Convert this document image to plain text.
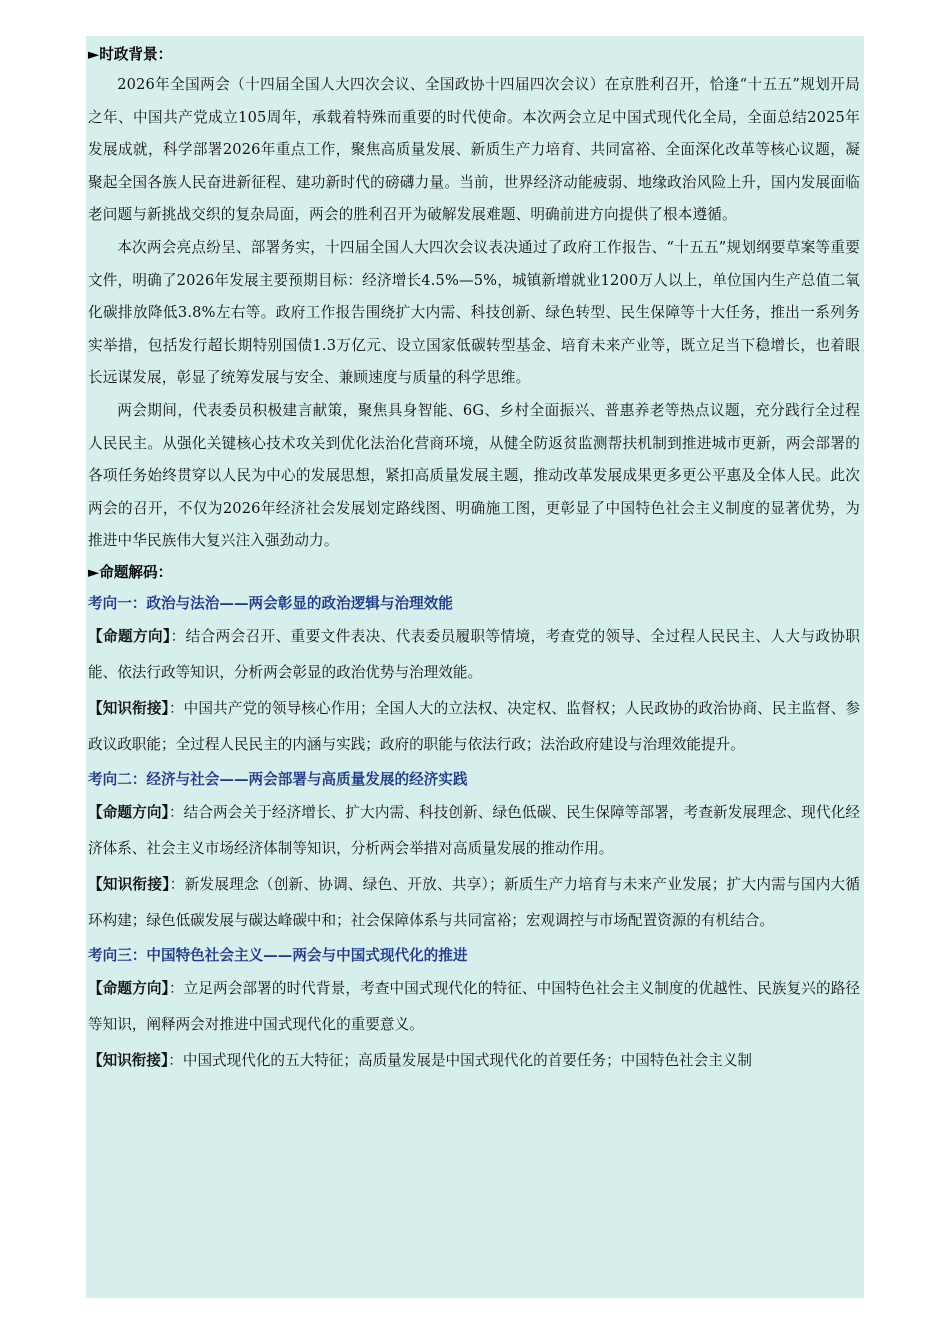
►时政背景：

2026年全国两会（十四届全国人大四次会议、全国政协十四届四次会议）在京胜利召开，恰逢“十五五”规划开局之年、中国共产党成立105周年，承载着特殊而重要的时代使命。本次两会立足中国式现代化全局，全面总结2025年发展成就，科学部署2026年重点工作，聚焦高质量发展、新质生产力培育、共同富裕、全面深化改革等核心议题，凝聚起全国各族人民奋进新征程、建功新时代的磅礴力量。当前，世界经济动能疲弱、地缘政治风险上升，国内发展面临老问题与新挑战交织的复杂局面，两会的胜利召开为破解发展难题、明确前进方向提供了根本遵循。

本次两会亮点纷呈、部署务实，十四届全国人大四次会议表决通过了政府工作报告、“十五五”规划纲要草案等重要文件，明确了2026年发展主要预期目标：经济增长4.5%—5%，城镇新增就业1200万人以上，单位国内生产总值二氧化碳排放降低3.8%左右等。政府工作报告围绕扩大内需、科技创新、绿色转型、民生保障等十大任务，推出一系列务实举措，包括发行超长期特别国债1.3万亿元、设立国家低碳转型基金、培育未来产业等，既立足当下稳增长，也着眼长远谋发展，彰显了统筹发展与安全、兼顾速度与质量的科学思维。

两会期间，代表委员积极建言献策，聚焦具身智能、6G、乡村全面振兴、普惠养老等热点议题，充分践行全过程人民民主。从强化关键核心技术攻关到优化法治化营商环境，从健全防返贫监测帮扶机制到推进城市更新，两会部署的各项任务始终贯穿以人民为中心的发展思想，紧扣高质量发展主题，推动改革发展成果更多更公平惠及全体人民。此次两会的召开，不仅为2026年经济社会发展划定路线图、明确施工图，更彰显了中国特色社会主义制度的显著优势，为推进中华民族伟大复兴注入强劲动力。

►命题解码：

考向一：政治与法治——两会彰显的政治逻辑与治理效能

【命题方向】：结合两会召开、重要文件表决、代表委员履职等情境，考查党的领导、全过程人民民主、人大与政协职能、依法行政等知识，分析两会彰显的政治优势与治理效能。

【知识衔接】：中国共产党的领导核心作用；全国人大的立法权、决定权、监督权；人民政协的政治协商、民主监督、参政议政职能；全过程人民民主的内涵与实践；政府的职能与依法行政；法治政府建设与治理效能提升。

考向二：经济与社会——两会部署与高质量发展的经济实践

【命题方向】：结合两会关于经济增长、扩大内需、科技创新、绿色低碳、民生保障等部署，考查新发展理念、现代化经济体系、社会主义市场经济体制等知识，分析两会举措对高质量发展的推动作用。

【知识衔接】：新发展理念（创新、协调、绿色、开放、共享）；新质生产力培育与未来产业发展；扩大内需与国内大循环构建；绿色低碳发展与碳达峰碳中和；社会保障体系与共同富裕；宏观调控与市场配置资源的有机结合。

考向三：中国特色社会主义——两会与中国式现代化的推进

【命题方向】：立足两会部署的时代背景，考查中国式现代化的特征、中国特色社会主义制度的优越性、民族复兴的路径等知识，阐释两会对推进中国式现代化的重要意义。

【知识衔接】：中国式现代化的五大特征；高质量发展是中国式现代化的首要任务；中国特色社会主义制
